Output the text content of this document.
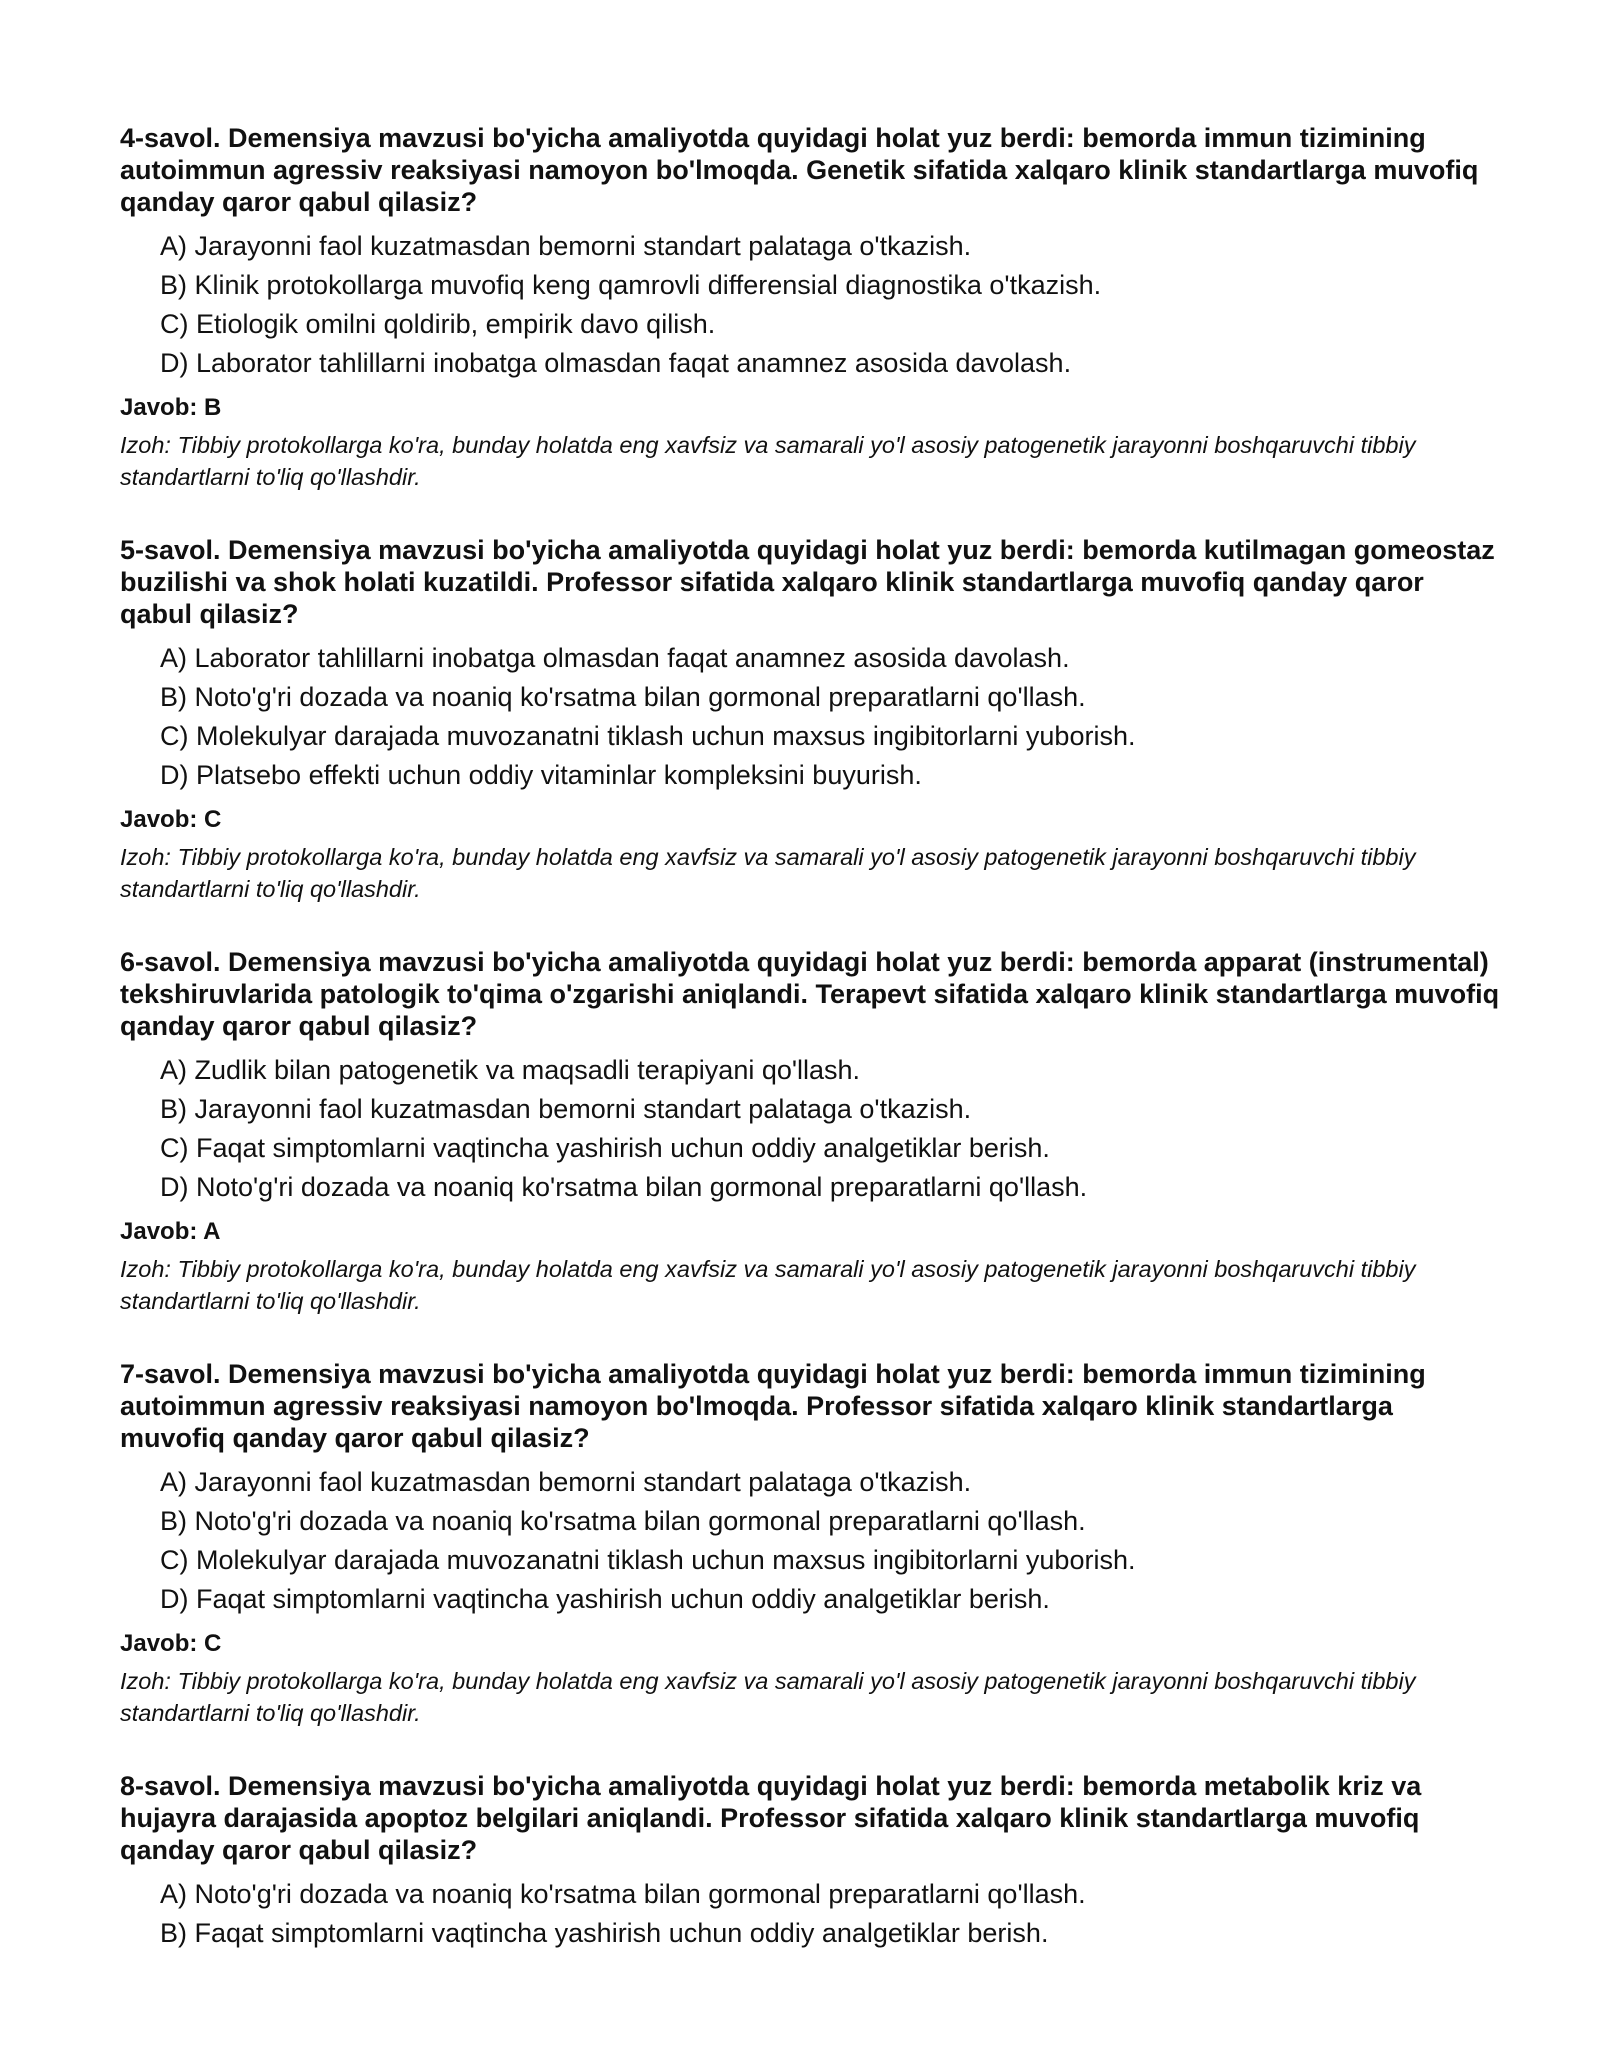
4-savol. Demensiya mavzusi bo'yicha amaliyotda quyidagi holat yuz berdi: bemorda immun tizimining autoimmun agressiv reaksiyasi namoyon bo'lmoqda. Genetik sifatida xalqaro klinik standartlarga muvofiq qanday qaror qabul qilasiz?

A) Jarayonni faol kuzatmasdan bemorni standart palataga o'tkazish.
B) Klinik protokollarga muvofiq keng qamrovli differensial diagnostika o'tkazish.
C) Etiologik omilni qoldirib, empirik davo qilish.
D) Laborator tahlillarni inobatga olmasdan faqat anamnez asosida davolash.

Javob: B

Izoh: Tibbiy protokollarga ko'ra, bunday holatda eng xavfsiz va samarali yo'l asosiy patogenetik jarayonni boshqaruvchi tibbiy standartlarni to'liq qo'llashdir.

5-savol. Demensiya mavzusi bo'yicha amaliyotda quyidagi holat yuz berdi: bemorda kutilmagan gomeostaz buzilishi va shok holati kuzatildi. Professor sifatida xalqaro klinik standartlarga muvofiq qanday qaror qabul qilasiz?

A) Laborator tahlillarni inobatga olmasdan faqat anamnez asosida davolash.
B) Noto'g'ri dozada va noaniq ko'rsatma bilan gormonal preparatlarni qo'llash.
C) Molekulyar darajada muvozanatni tiklash uchun maxsus ingibitorlarni yuborish.
D) Platsebo effekti uchun oddiy vitaminlar kompleksini buyurish.

Javob: C

Izoh: Tibbiy protokollarga ko'ra, bunday holatda eng xavfsiz va samarali yo'l asosiy patogenetik jarayonni boshqaruvchi tibbiy standartlarni to'liq qo'llashdir.

6-savol. Demensiya mavzusi bo'yicha amaliyotda quyidagi holat yuz berdi: bemorda apparat (instrumental) tekshiruvlarida patologik to'qima o'zgarishi aniqlandi. Terapevt sifatida xalqaro klinik standartlarga muvofiq qanday qaror qabul qilasiz?

A) Zudlik bilan patogenetik va maqsadli terapiyani qo'llash.
B) Jarayonni faol kuzatmasdan bemorni standart palataga o'tkazish.
C) Faqat simptomlarni vaqtincha yashirish uchun oddiy analgetiklar berish.
D) Noto'g'ri dozada va noaniq ko'rsatma bilan gormonal preparatlarni qo'llash.

Javob: A

Izoh: Tibbiy protokollarga ko'ra, bunday holatda eng xavfsiz va samarali yo'l asosiy patogenetik jarayonni boshqaruvchi tibbiy standartlarni to'liq qo'llashdir.

7-savol. Demensiya mavzusi bo'yicha amaliyotda quyidagi holat yuz berdi: bemorda immun tizimining autoimmun agressiv reaksiyasi namoyon bo'lmoqda. Professor sifatida xalqaro klinik standartlarga muvofiq qanday qaror qabul qilasiz?

A) Jarayonni faol kuzatmasdan bemorni standart palataga o'tkazish.
B) Noto'g'ri dozada va noaniq ko'rsatma bilan gormonal preparatlarni qo'llash.
C) Molekulyar darajada muvozanatni tiklash uchun maxsus ingibitorlarni yuborish.
D) Faqat simptomlarni vaqtincha yashirish uchun oddiy analgetiklar berish.

Javob: C

Izoh: Tibbiy protokollarga ko'ra, bunday holatda eng xavfsiz va samarali yo'l asosiy patogenetik jarayonni boshqaruvchi tibbiy standartlarni to'liq qo'llashdir.

8-savol. Demensiya mavzusi bo'yicha amaliyotda quyidagi holat yuz berdi: bemorda metabolik kriz va hujayra darajasida apoptoz belgilari aniqlandi. Professor sifatida xalqaro klinik standartlarga muvofiq qanday qaror qabul qilasiz?

A) Noto'g'ri dozada va noaniq ko'rsatma bilan gormonal preparatlarni qo'llash.
B) Faqat simptomlarni vaqtincha yashirish uchun oddiy analgetiklar berish.
